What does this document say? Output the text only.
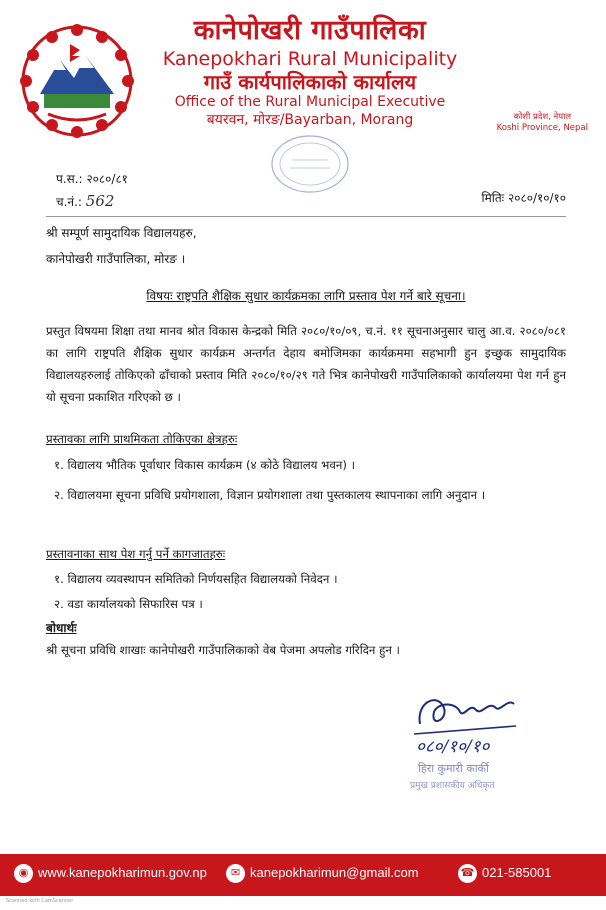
कानेपोखरी गाउँपालिका
Kanepokhari Rural Municipality
गाउँ कार्यपालिकाको कार्यालय
Office of the Rural Municipal Executive
बयरवन, मोरङ/Bayarban, Morang	कोशी प्रदेश, नेपाल
Koshi Province, Nepal
प.स.: २०८०/८१
च.नं.: 562	मितिः २०८०/१०/१०
श्री सम्पूर्ण सामुदायिक विद्यालयहरु,
कानेपोखरी गाउँपालिका, मोरङ ।
विषयः राष्ट्रपति शैक्षिक सुधार कार्यक्रमका लागि प्रस्ताव पेश गर्ने बारे सूचना।
प्रस्तुत विषयमा शिक्षा तथा मानव श्रोत विकास केन्द्रको मिति २०८०/१०/०९, च.नं. ११ सूचनाअनुसार चालु आ.व. २०८०/०८१ का लागि राष्ट्रपति शैक्षिक सुधार कार्यक्रम अन्तर्गत देहाय बमोजिमका कार्यक्रममा सहभागी हुन इच्छुक सामुदायिक विद्यालयहरुलाई तोकिएको ढाँचाको प्रस्ताव मिति २०८०/१०/२९ गते भित्र कानेपोखरी गाउँपालिकाको कार्यालयमा पेश गर्न हुन यो सूचना प्रकाशित गरिएको छ ।
प्रस्तावका लागि प्राथमिकता तोकिएका क्षेत्रहरुः
१. विद्यालय भौतिक पूर्वाधार विकास कार्यक्रम (४ कोठे विद्यालय भवन) ।
२. विद्यालयमा सूचना प्रविधि प्रयोगशाला, विज्ञान प्रयोगशाला तथा पुस्तकालय स्थापनाका लागि अनुदान ।
प्रस्तावनाका साथ पेश गर्नु पर्ने कागजातहरुः
१. विद्यालय व्यवस्थापन समितिको निर्णयसहित विद्यालयको निवेदन ।
२. वडा कार्यालयको सिफारिस पत्र ।
बोधार्थः
श्री सूचना प्रविधि शाखाः कानेपोखरी गाउँपालिकाको वेब पेजमा अपलोड गरिदिन हुन ।
०८०/१०/१०
हिरा कुमारी कार्की
प्रमुख प्रशासकीय अधिकृत
◉ www.kanepokharimun.gov.np	✉ kanepokharimun@gmail.com	☎ 021-585001
Scanned with CamScanner
